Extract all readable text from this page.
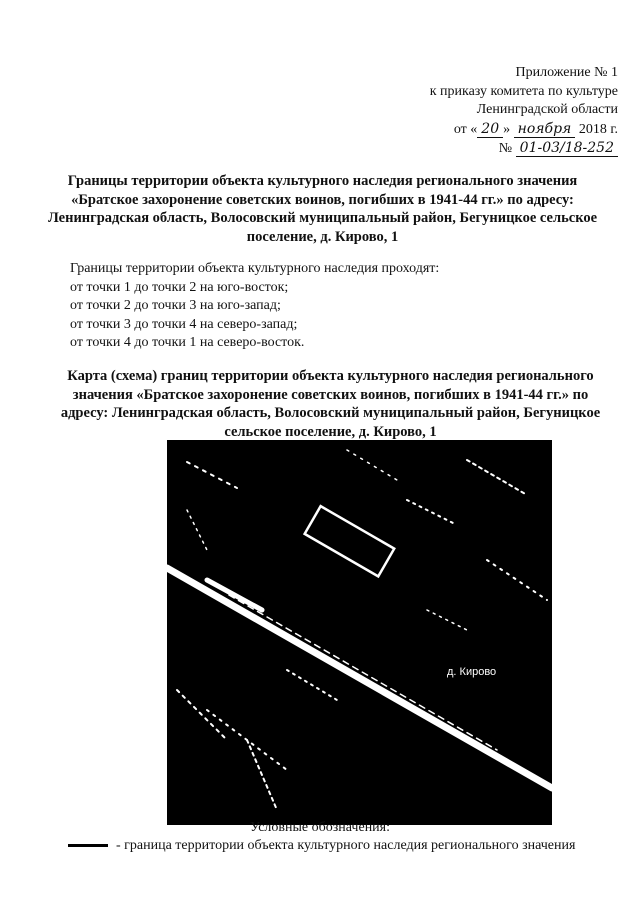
Приложение № 1
к приказу комитета по культуре
Ленинградской области
от « 20 » ноября 2018 г.
№ 01-03/18-252
Границы территории объекта культурного наследия регионального значения «Братское захоронение советских воинов, погибших в 1941-44 гг.» по адресу: Ленинградская область, Волосовский муниципальный район, Бегуницкое сельское поселение, д. Кирово, 1
Границы территории объекта культурного наследия проходят:
от точки 1 до точки 2 на юго-восток;
от точки 2 до точки 3 на юго-запад;
от точки 3 до точки 4 на северо-запад;
от точки 4 до точки 1 на северо-восток.
Карта (схема) границ территории объекта культурного наследия регионального значения «Братское захоронение советских воинов, погибших в 1941-44 гг.» по адресу: Ленинградская область, Волосовский муниципальный район, Бегуницкое сельское поселение, д. Кирово, 1
д. Кирово
Условные обозначения:
- граница территории объекта культурного наследия регионального значения
